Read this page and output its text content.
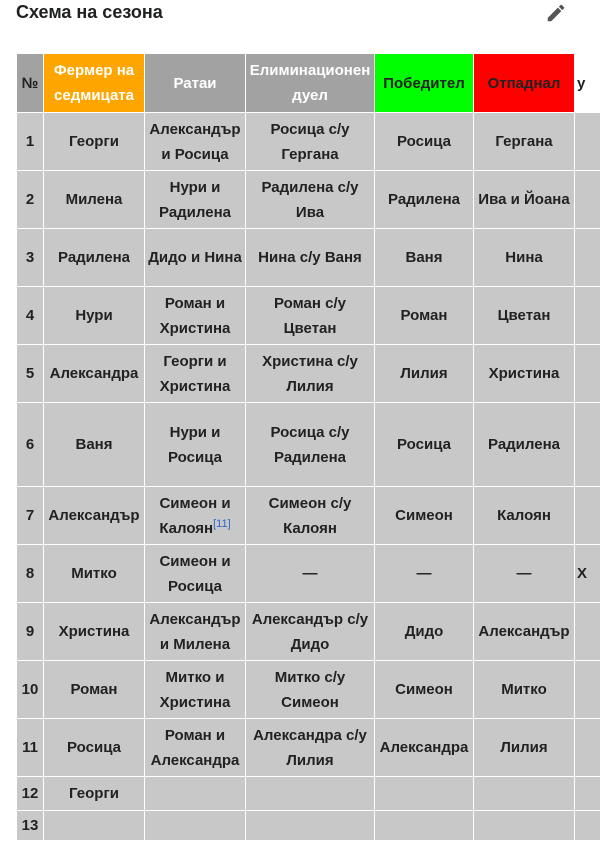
Схема на сезона
№	Фермер на седмицата	Ратаи	Елиминационен дуел	Победител	Отпаднал	у
1	Георги	Александър и Росица	Росица с/у Гергана	Росица	Гергана	
2	Милена	Нури и Радилена	Радилена с/у Ива	Радилена	Ива и Йоана	
3	Радилена	Дидо и Нина	Нина с/у Ваня	Ваня	Нина	
4	Нури	Роман и Христина	Роман с/у Цветан	Роман	Цветан	
5	Александра	Георги и Христина	Христина с/у Лилия	Лилия	Христина	
6	Ваня	Нури и Росица	Росица с/у Радилена	Росица	Радилена	
7	Александър	Симеон и Калоян[11]	Симеон с/у Калоян	Симеон	Калоян	
8	Митко	Симеон и Росица	—	—	—	Х
9	Христина	Александър и Милена	Александър с/у Дидо	Дидо	Александър	
10	Роман	Митко и Христина	Митко с/у Симеон	Симеон	Митко	
11	Росица	Роман и Александра	Александра с/у Лилия	Александра	Лилия	
12	Георги					
13						
